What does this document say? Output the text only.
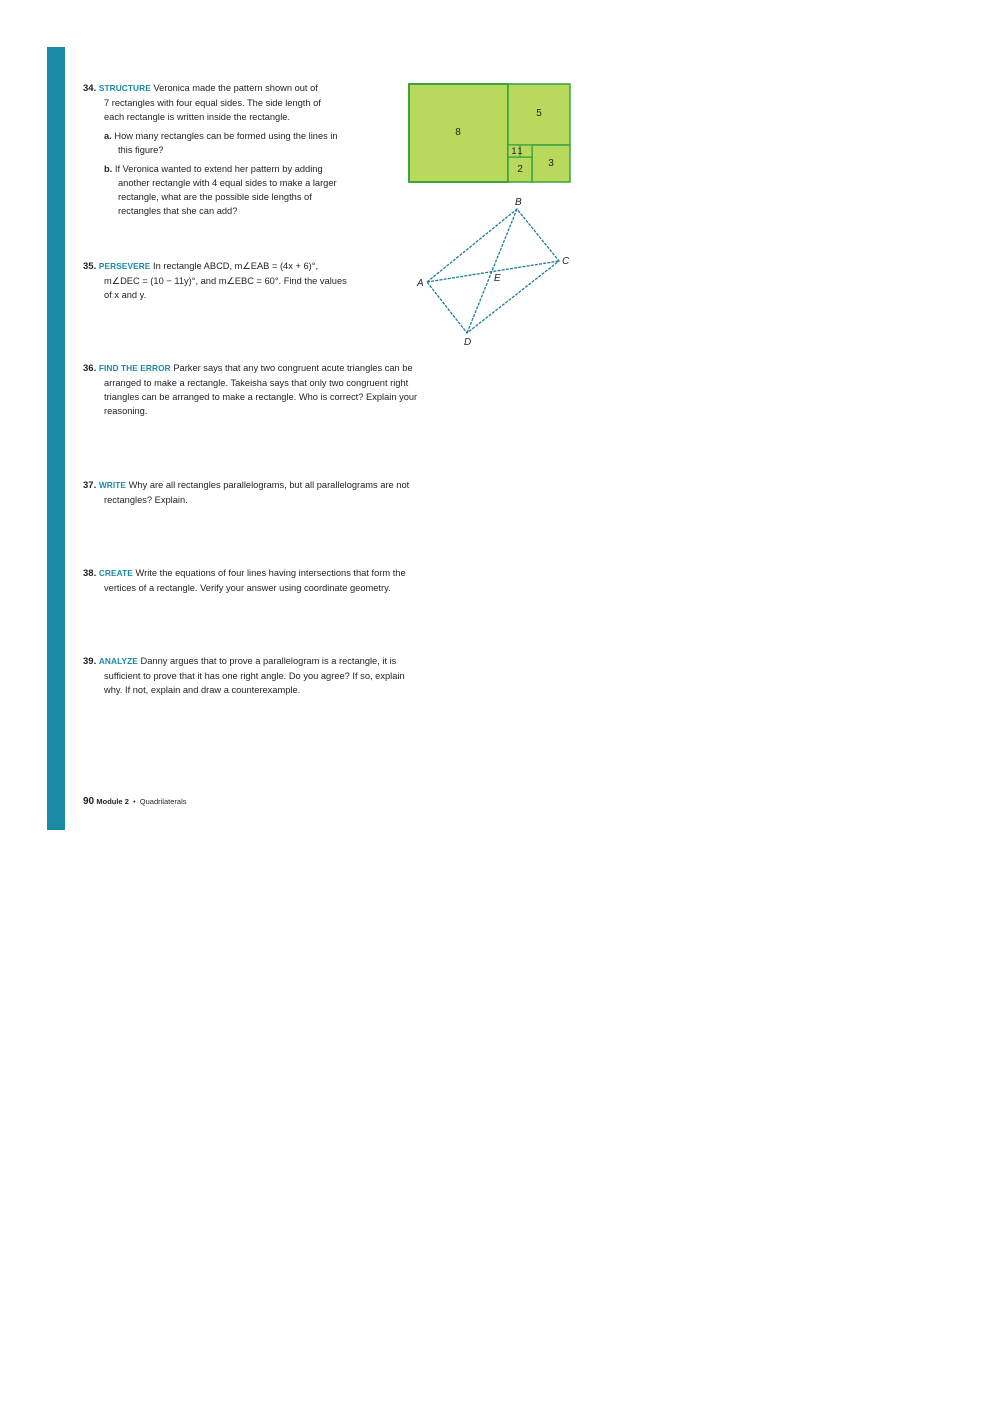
34. STRUCTURE Veronica made the pattern shown out of

7 rectangles with four equal sides. The side length of

each rectangle is written inside the rectangle.

a. How many rectangles can be formed using the lines in

this figure?

b. If Veronica wanted to extend her pattern by adding

another rectangle with 4 equal sides to make a larger

rectangle, what are the possible side lengths of

rectangles that she can add?

8
5
1 1
2
3

35. PERSEVERE In rectangle ABCD, m∠EAB = (4x + 6)°,

m∠DEC = (10 − 11y)°, and m∠EBC = 60°. Find the values

of x and y.

A
B
C
D
E

36. FIND THE ERROR Parker says that any two congruent acute triangles can be

arranged to make a rectangle. Takeisha says that only two congruent right

triangles can be arranged to make a rectangle. Who is correct? Explain your

reasoning.

37. WRITE Why are all rectangles parallelograms, but all parallelograms are not

rectangles? Explain.

38. CREATE Write the equations of four lines having intersections that form the

vertices of a rectangle. Verify your answer using coordinate geometry.

39. ANALYZE Danny argues that to prove a parallelogram is a rectangle, it is

sufficient to prove that it has one right angle. Do you agree? If so, explain

why. If not, explain and draw a counterexample.

90 Module 2 • Quadrilaterals
